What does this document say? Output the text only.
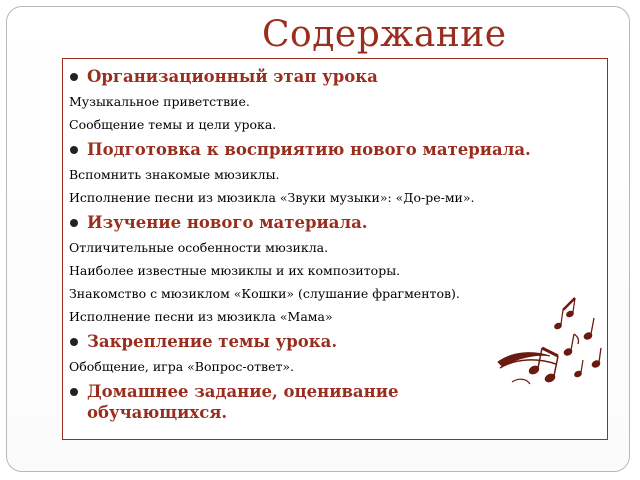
Содержание
Организационный этап урока
Музыкальное приветствие.
Сообщение темы и цели урока.
Подготовка к восприятию нового материала.
Вспомнить знакомые мюзиклы.
Исполнение песни из мюзикла «Звуки музыки»: «До-ре-ми».
Изучение нового материала.
Отличительные особенности мюзикла.
Наиболее известные мюзиклы и их композиторы.
Знакомство с мюзиклом «Кошки» (слушание фрагментов).
Исполнение песни из мюзикла «Мама»
Закрепление темы урока.
Обобщение, игра «Вопрос-ответ».
Домашнее задание, оценивание обучающихся.
